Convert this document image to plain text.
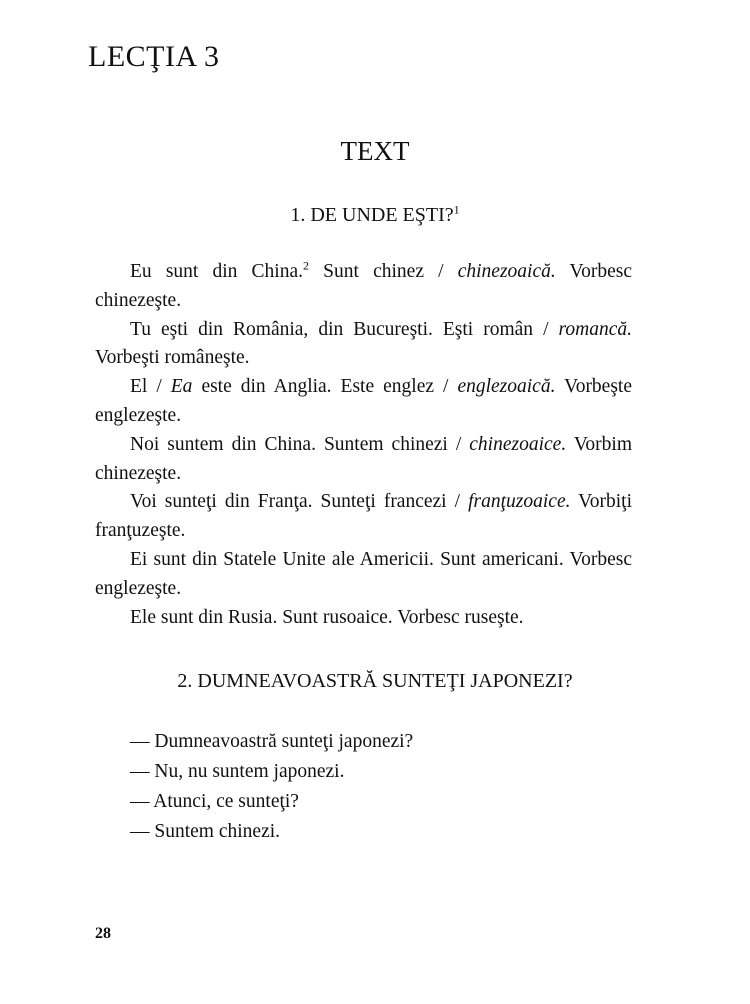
LECŢIA 3
TEXT
1. DE UNDE EŞTI?$^1$

Eu sunt din China.$^2$ Sunt chinez / chinezoaică. Vorbesc chinezeşte.

Tu eşti din România, din Bucureşti. Eşti român / romancă. Vorbeşti româneşte.

El / Ea este din Anglia. Este englez / englezoaică. Vorbeşte englezeşte.

Noi suntem din China. Suntem chinezi / chinezoaice. Vorbim chinezeşte.

Voi sunteţi din Franţa. Sunteţi francezi / franţuzoaice. Vorbiţi franţuzeşte.

Ei sunt din Statele Unite ale Americii. Sunt americani. Vorbesc englezeşte.

Ele sunt din Rusia. Sunt rusoaice. Vorbesc ruseşte.

2. DUMNEAVOASTRĂ SUNTEŢI JAPONEZI?
— Dumneavoastră sunteţi japonezi?
— Nu, nu suntem japonezi.
— Atunci, ce sunteţi?
— Suntem chinezi.
28
